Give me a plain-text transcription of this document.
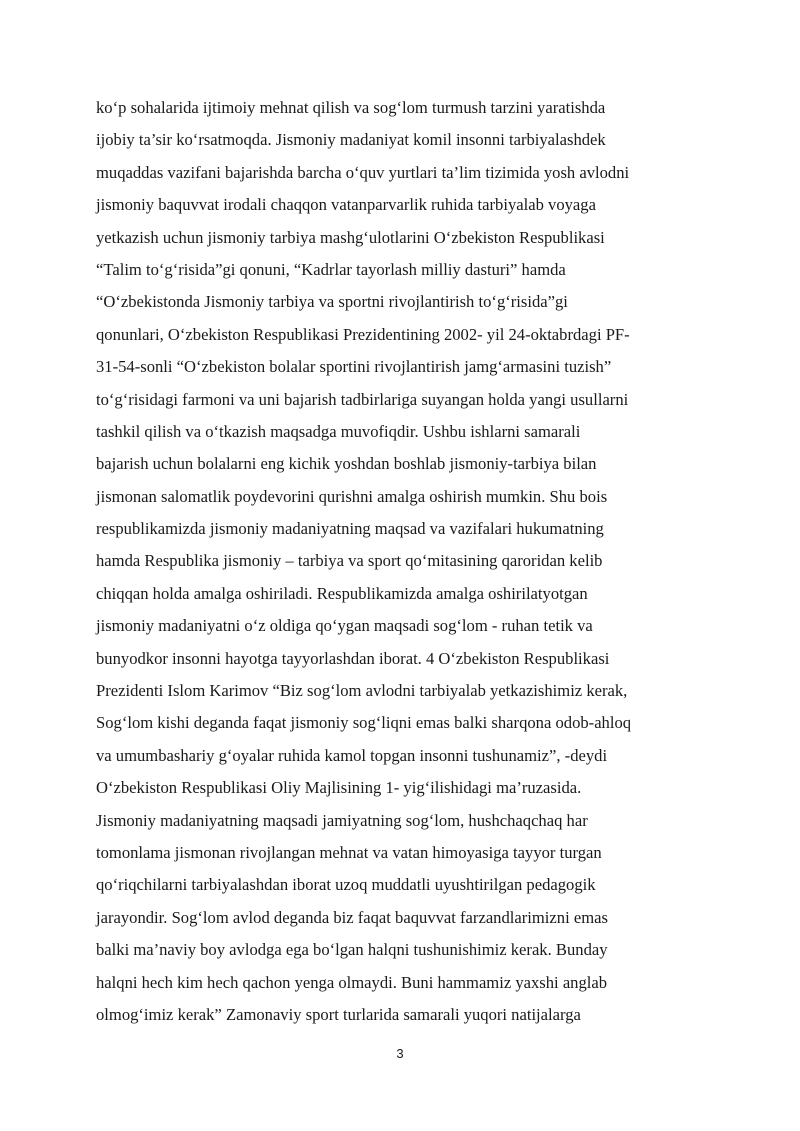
ko‘p sohalarida ijtimoiy mehnat qilish va sog‘lom turmush tarzini yaratishda
ijobiy ta’sir ko‘rsatmoqda. Jismoniy madaniyat komil insonni tarbiyalashdek
muqaddas vazifani bajarishda barcha o‘quv yurtlari ta’lim tizimida yosh avlodni
jismoniy baquvvat irodali chaqqon vatanparvarlik ruhida tarbiyalab voyaga
yetkazish uchun jismoniy tarbiya mashg‘ulotlarini O‘zbekiston Respublikasi
“Talim to‘g‘risida”gi qonuni, “Kadrlar tayorlash milliy dasturi” hamda
“O‘zbekistonda Jismoniy tarbiya va sportni rivojlantirish to‘g‘risida”gi
qonunlari, O‘zbekiston Respublikasi Prezidentining 2002- yil 24-oktabrdagi PF-
31-54-sonli “O‘zbekiston bolalar sportini rivojlantirish jamg‘armasini tuzish”
to‘g‘risidagi farmoni va uni bajarish tadbirlariga suyangan holda yangi usullarni
tashkil qilish va o‘tkazish maqsadga muvofiqdir. Ushbu ishlarni samarali
bajarish uchun bolalarni eng kichik yoshdan boshlab jismoniy-tarbiya bilan
jismonan salomatlik poydevorini qurishni amalga oshirish mumkin. Shu bois
respublikamizda jismoniy madaniyatning maqsad va vazifalari hukumatning
hamda Respublika jismoniy – tarbiya va sport qo‘mitasining qaroridan kelib
chiqqan holda amalga oshiriladi. Respublikamizda amalga oshirilatyotgan
jismoniy madaniyatni o‘z oldiga qo‘ygan maqsadi sog‘lom - ruhan tetik va
bunyodkor insonni hayotga tayyorlashdan iborat. 4 O‘zbekiston Respublikasi
Prezidenti Islom Karimov “Biz sog‘lom avlodni tarbiyalab yetkazishimiz kerak,
Sog‘lom kishi deganda faqat jismoniy sog‘liqni emas balki sharqona odob-ahloq
va umumbashariy g‘oyalar ruhida kamol topgan insonni tushunamiz”, -deydi
O‘zbekiston Respublikasi Oliy Majlisining 1- yig‘ilishidagi ma’ruzasida.
Jismoniy madaniyatning maqsadi jamiyatning sog‘lom, hushchaqchaq har
tomonlama jismonan rivojlangan mehnat va vatan himoyasiga tayyor turgan
qo‘riqchilarni tarbiyalashdan iborat uzoq muddatli uyushtirilgan pedagogik
jarayondir. Sog‘lom avlod deganda biz faqat baquvvat farzandlarimizni emas
balki ma’naviy boy avlodga ega bo‘lgan halqni tushunishimiz kerak. Bunday
halqni hech kim hech qachon yenga olmaydi. Buni hammamiz yaxshi anglab
olmog‘imiz kerak” Zamonaviy sport turlarida samarali yuqori natijalarga
3
